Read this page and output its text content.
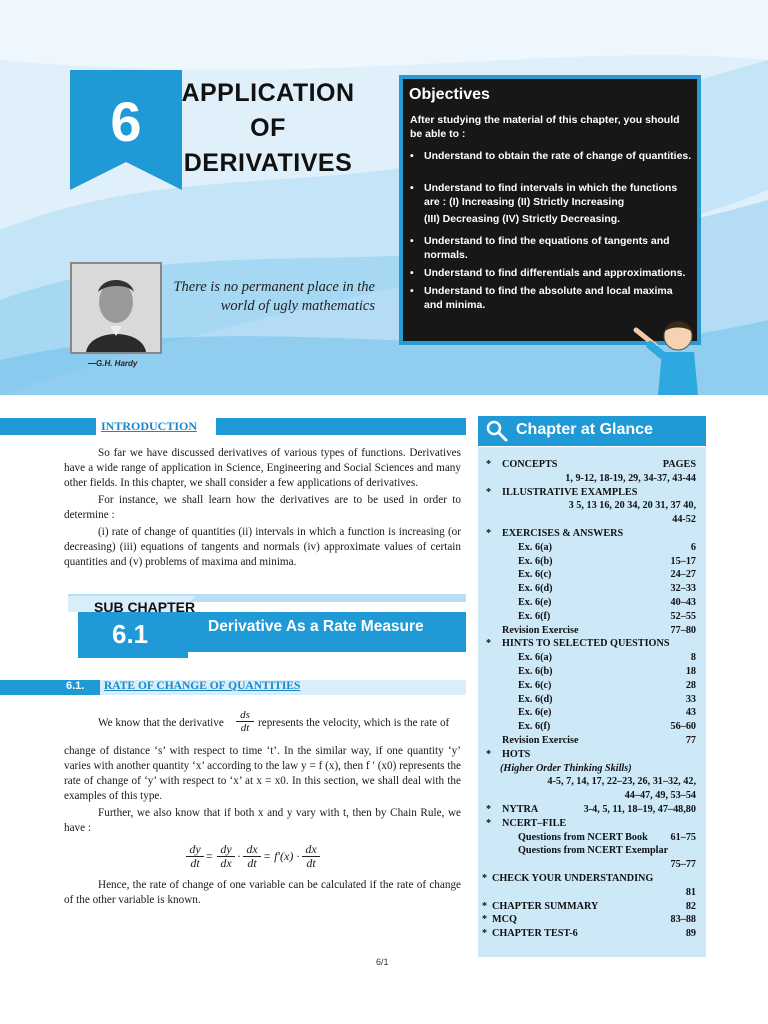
6	APPLICATION
OF
DERIVATIVES
There is no permanent place in the
world of ugly mathematics
—G.H. Hardy
Objectives
After studying the material of this chapter, you should be able to :
• Understand to obtain the rate of change of quantities.
• Understand to find intervals in which the functions are : (I) Increasing (II) Strictly Increasing
(III) Decreasing (IV) Strictly Decreasing.
• Understand to find the equations of tangents and normals.
• Understand to find differentials and approximations.
• Understand to find the absolute and local maxima and minima.
INTRODUCTION
So far we have discussed derivatives of various types of functions. Derivatives have a wide range of application in Science, Engineering and Social Sciences and many other fields. In this chapter, we shall consider a few applications of derivatives.
For instance, we shall learn how the derivatives are to be used in order to determine :
(i) rate of change of quantities (ii) intervals in which a function is increasing (or decreasing) (iii) equations of tangents and normals (iv) approximate values of certain quantities and (v) problems of maxima and minima.
SUB CHAPTER
6.1	Derivative As a Rate Measure
6.1. RATE OF CHANGE OF QUANTITIES
We know that the derivative
ds
dt represents the velocity, which is the rate of
change of distance ‘s’ with respect to time ‘t’. In the similar way, if one quantity ‘y’ varies with another quantity ‘x’ according to the law y = f (x), then f ′ (x0) represents the rate of change of ‘y’ with respect to ‘x’ at x = x0. In this section, we shall deal with the examples of this type.
Further, we also know that if both x and y vary with t, then by Chain Rule, we have :
dy
dt = dy
dx · dx
dt = f′(x) · dx
dt
Hence, the rate of change of one variable can be calculated if the rate of change of the other variable is known.
6/1
Chapter at Glance
* CONCEPTS	PAGES
1, 9-12, 18-19, 29, 34-37, 43-44
* ILLUSTRATIVE EXAMPLES
3 5, 13 16, 20 34, 20 31, 37 40,
44-52
* EXERCISES & ANSWERS
Ex. 6(a)	6
Ex. 6(b)	15–17
Ex. 6(c)	24–27
Ex. 6(d)	32–33
Ex. 6(e)	40–43
Ex. 6(f)	52–55
Revision Exercise	77–80
* HINTS TO SELECTED QUESTIONS
Ex. 6(a)	8
Ex. 6(b)	18
Ex. 6(c)	28
Ex. 6(d)	33
Ex. 6(e)	43
Ex. 6(f)	56–60
Revision Exercise	77
* HOTS
(Higher Order Thinking Skills)
4-5, 7, 14, 17, 22–23, 26, 31–32, 42,
44–47, 49, 53–54
* NYTRA	3-4, 5, 11, 18–19, 47–48,80
* NCERT–FILE
Questions from NCERT Book 61–75
Questions from NCERT Exemplar
75–77
* CHECK YOUR UNDERSTANDING
81
* CHAPTER SUMMARY	82
* MCQ	83–88
* CHAPTER TEST-6	89
